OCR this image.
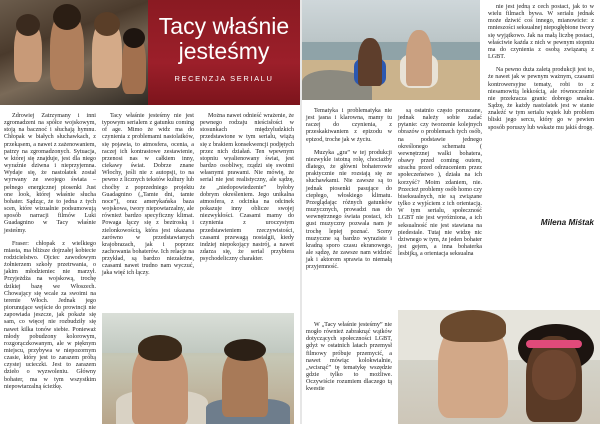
Tacy właśnie
jesteśmy
RECENZJA SERIALU

Zdrowiej Zatrzymany i inni zgromadzeni na spółce wojskowym, stoją na bacznoć i słuchają hymnu. Chłopak w białych słuchawkach, z przekąsem, a nawet z zażenowaniem, patrzy na zgromadzonych. Sytuacja, w której się znajduje, jest dla niego wyraźnie dziwna i nieprzyjemna. Wydaje się, że nastolatek został wyrwany ze swojego świata – pełnego energicznej piosenki Just one look, której właśnie słucha bohater. Sądząc, że to jedna z tych scen, które wizualnie podsumowują sposób narracji filmów Luki Guadagnino w Tacy właśnie jesteśmy.

Fraser: chłopak z wielkiego miasta, ma bliższe dojrzałej kobiecie rodzicielstwo. Ojciec zawodowym żołnierzem szkoły przetrwania, o jakim młodzieniec nie marzył. Przyjeżdża na wojskową, trochę dzikiej bazę we Włoszech. Chowający się wcale za swoimi na terenie Włoch. Jednak jego piorunujące wejście do prowincji nie zapowiada jeszcze, jak pokaże się sam, co więcej nie rozbudziły się nawet kilka tonów siebie. Ponieważ młody pobudzony kolorowym, rozgorączkowanym, ale w pięknym miejscu, przybywa w niepozornym czasie, który jest to zarazem próbą czystej ucieczki. Jest to zarazem dzieło o wyzwoleniu. Główny bohater, ma w tym wszystkim niepowtarzalną ścieżkę.

Tacy właśnie jesteśmy nie jest typowym serialem z gatunku coming of age. Mimo że widz ma do czynienia z problemami nastolatków, się pojawia, to atmosfera, ocenia, a raczej ich kontrastowe zestawienie, przenosi nas w całkiem inny, ciekawy świat. Dobrze znane Włochy, jeśli nie z autopsji, to na pewno z licznych tekstów kultury lub choćby z poprzedniego projektu Guadagnino („Tamte dni, tamte noce”), oraz amerykańska baza wojskowa, twory niepowtarzalny, ale również bardzo specyficzny klimat. Powaga łączy się z beztroską i zielonkowością, która jest ukazana zarówno w przedstawianych krajobrazach, jak i poprzez zachowania bohaterów. Ich relacje na przykład, są bardzo niezależne, czasami nawet trudno nam wyczuć, jaka więź ich łączy.

Można nawet odnieść wrażenie, że pewnego rodzaju nieścisłości w stosunkach międzyludzkich przedstawione w tym serialu, wiążą się z brakiem konsekwencji podjętych przez nich działań. Ten wpewnym stopniu wyalienowany świat, jest bardzo osobliwy, rządzi się swoimi własnymi prawami. Nie mówię, że serial nie jest realistyczny, ale sądzę, że „niedopowiedzenie” byłoby dobrym określeniem. Jego unikalna atmosfera, z odcinka na odcinek pokazuje inny oblicze swojej niezwykłości. Czasami mamy do czynienia z uroczystym przedstawieniem rzeczywistości, czasami przewagą nostalgii, kiedy indziej niepokojący nastrój, a nawet zdarza się, że serial przybiera psychodeliczny charakter.

nie jest jedną z cech postaci, jak to w wielu filmach bywa. W serialu jednak może dziwić coś innego, mianowicie: z mnieszości seksualnej niepogłębione twory się wyjątkowo. Jak na małą liczbę postaci, właściwie każda z nich w pewnym stopniu ma do czynienia z osobą związaną z LGBT.

Na pewno duża zaletą produkcji jest to, że nawet jak w pewnym ważnym, czasami kontrowersyjne tematy, robi to z niesamowitą lekkością, ale równocześnie nie przekracza granic dobrego smaku. Sądzę, że każdy nastolatek jest w stanie znaleźć w tym serialu wątek lub problem bliski jego sercu, który go w pewien sposób poruszy lub wskaże mu jakiś drogę.

Milena Miśtak

Tematyka i problematyka nie jest jasna i klarowna, mamy tu raczej do czynienia, z przeskakiwaniem z epizodu w epizod, troche jak w życiu.

Muzyka „gra” w tej produkcji niezwykle istotną rolę, chociażby dlatego, że główni bohaterowie praktycznie nie rozstają się ze słuchawkami. Nie zawsze są to jednak piosenki pasujące do ciepłego, włoskiego klimatu. Przeglądając różnych gatunków muzycznych, prowadzi nas do wewnętrznego świata postaci, ich gust muzyczny pozwala nam je trochę lepiej poznać. Sceny muzyczne są bardzo wyraziste i kradną sporo czasu ekranowego, ale sądzę, że zawsze nam widzieć jak i aktorom sprawia to niemałą przyjemność.

są ostatnio często poruszane, jednak należy sobie zadać pytanie: czy tworzenie kolejnych obrazów o problemach tych osób, na podstawie jednego określonego schematu ( wewnętrznej walki bohatera, obawy przed coming outem, strachu przed odrzuceniem przez społeczeństwo ), działa na ich korzyść? Moim zdaniem, nie. Przecież problemy osób homo czy biseksualnych, nie są związane tylko z wyjściem z ich orientacją. W tym serialu, społeczność LGBT nie jest wyróżniona, a ich seksualność nie jest stawiana na piedestale. Tutaj nie widzę nic dziwnego w tym, że jeden bohater jest gejem, a inna bohaterka lesbijką, a orientacja seksualna

W „Tacy właśnie jesteśmy” nie mogło również zabraknąć wątków dotyczących społeczności LGBT, gdyż w ostatnich latach przemysł filmowy próbuje przemycić, a nawet mówiąc kolokwialnie, „wcisnąć” tę tematykę wszędzie gdzie tylko to możliwe. Oczywiście rozumiem dlaczego tą kwestie
